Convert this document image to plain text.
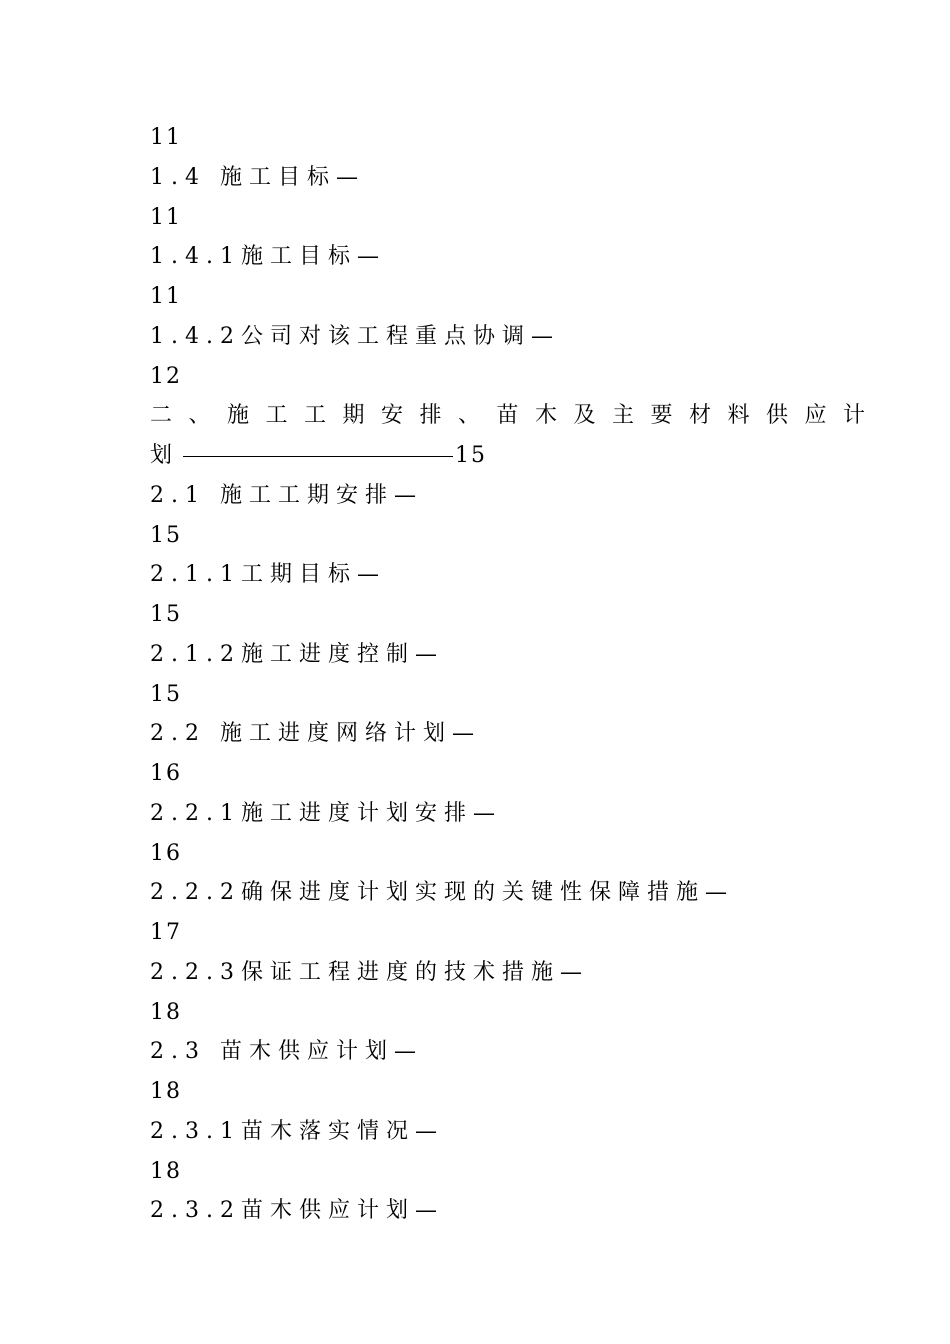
11
1.4 施工目标—
11
1.4.1施工目标—
11
1.4.2公司对该工程重点协调—
12
二、施工工期安排、苗木及主要材料供应计
划	15
2.1 施工工期安排—
15
2.1.1工期目标—
15
2.1.2施工进度控制—
15
2.2 施工进度网络计划—
16
2.2.1施工进度计划安排—
16
2.2.2确保进度计划实现的关键性保障措施—
17
2.2.3保证工程进度的技术措施—
18
2.3 苗木供应计划—
18
2.3.1苗木落实情况—
18
2.3.2苗木供应计划—
